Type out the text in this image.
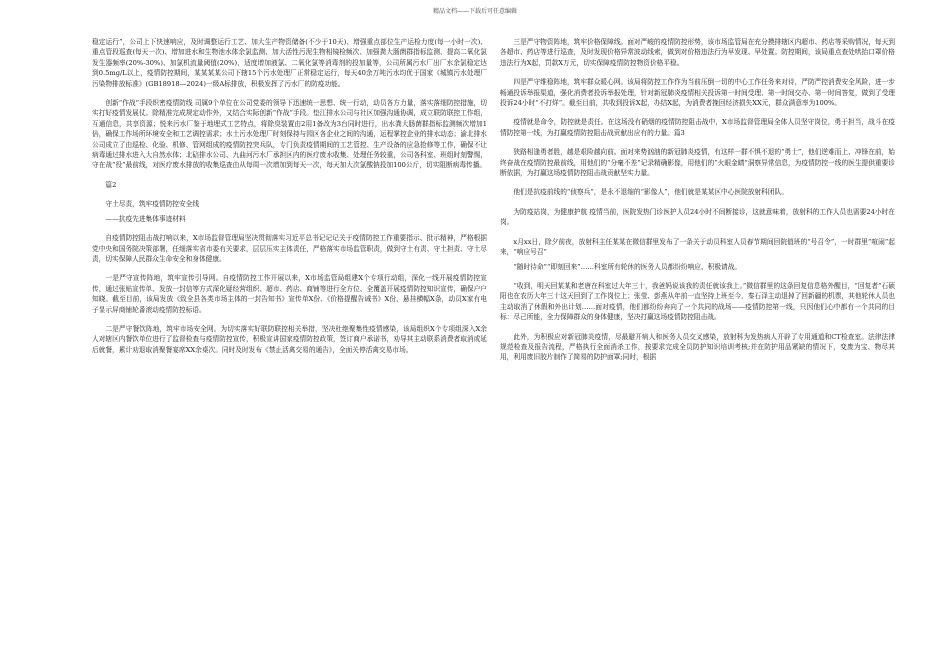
精品文档——下载后可任意编辑

稳定运行”，公司上下快速响应，及时调整运行工艺、加大生产物资储备(不少于10天)、增强重点部位生产运检力度(每一小时一次)、重点管段巡查(每天一次)、增加进水和生物池水体余氯监测、加大活性污泥生物相镜检频次、加强粪大肠菌群指标监测、提高二氧化氯发生器频率(20%-30%)、加氯机流量阈值(20%)，适度增加液氯、二氧化氯等消毒剂的投加量等，公司所属污水厂出厂水余氯稳定达到0.5mg/L以上，疫情防控期间，某某某某公司下辖15个污水处理厂正常稳定运行，每天40余万吨污水均优于国家《城镇污水处理厂污染物排放标准》(GB18918—2024)一级A标排放，积极发挥了污水厂的防疫功能。

创新“作战”手段织密疫情防线 司属9个单位在公司党委的领导下迅速统一思想、统一行动，动员各方力量，落实落细防控措施，切实打好疫情发展仗。除精准完成规定动作外，又结合实际创新“作战”手段。垫江排水公司与社区加强沟通协调，成立联防联控工作组，互通信息，共享资源；悦来污水厂鉴于地埋式工艺特点，将除臭装置由2用1备改为3台同时进行，出水粪大肠菌群指标监测频次增加1倍，确保工作场所环境安全和工艺调控需求；水土污水处理厂时刻保持与园区各企业之间的沟通，运程掌控企业的排水动态；渝北排水公司成立了由巡检、化验、机修、管网组成的疫情防控突兵队，专门负责疫情期间的工艺管控、生产设备的应急抢修等工作，确保不让病毒通过排水进入大自然水体；北碚排水公司、九曲河污水厂承担区内的医疗废水收集、处理任务较重，公司各科室、班组时刻警惕，守在战“役”最前线，对医疗废水排放的收集巡查由从每周一次增加到每天一次，每天加大次氯酸钠投加100公斤，切实阻断病毒传播。

篇2

守土尽责，筑牢疫情防控安全线

——抗疫先进集体事迹材料

自疫情防控阻击战打响以来，X市场监督管理局坚决贯彻落实习近平总书记记记关于疫情防控工作重要指示、批示精神，严格根据党中央和国务院决策部署，任细落实省市委有关要求，层层压实主体责任，严格落实市场监管职责，做到守土有责、守土担责、守土尽责，切实保障人民群众生命安全和身体健康。

一是严守宣传阵地，筑牢宣传引导网。自疫情防控工作开展以来，X市场监管局组建X个专项行动组，深化一线开展疫情防控宣传，通过张贴宣传单、发放一封信等方式深化疑经营组织、超市、药店、商铺等进行全方位、全覆盖开展疫情防控知识宣传，确保户户知晓。截至目前，该局发放《致全县各类市场主体的一封告知书》宣传单X份、《价格提醒告诫书》X份，悬挂横幅X条，动员X家有电子显示屏商铺轮番滚动疫情防控标语。

二是严守餐饮阵地，筑牢市场安全网。为切实落实好联防联控相关举措，坚决杜绝聚集性疫情感染，该局组织X个专项组深入X余人对辖区内餐饮单位进行了监督检查与疫情防控宣传，积极宣讲国家疫情防控政策，签订商户承诺书，劝导其主动联系消费者取消或延后就餐，累计劝退取消聚餐宴席XX余桌次。同时及时发布《禁止活禽交易的通告》，全面关停活禽交易市场。

三是严守物资阵地，筑牢价格保障线。面对严峻的疫情防控形势，该市场监管局在充分摸排辖区内超市、药店等采购情况，每天到各超市、药店等进行巡查，及时发现价格异常波动线索，做到对价格违法行为早发现、早处置。防控期间，该局重点查处哄抬口罩价格违法行为X起，罚款X万元，切实保障疫情防控物资价格平稳。

四是严守维稳阵地，筑牢群众暖心网。该局将防控工作作为当前压倒一切的中心工作任务来对待，严防严控消费安全风险，进一步畅通投诉举报渠道，强化消费者投诉举报处理，针对新冠肺炎疫情相关投诉第一时间受理、第一时间交办、第一时间答复，做到了受理投诉24小时“不打烊”。截至目前，共收到投诉X起，办结X起，为消费者挽回经济损失XX元，群众满意率为100%。

疫情就是命令，防控就是责任。在这场没有硝烟的疫情防控阻击战中，X市场监督管理局全体人员坚守岗位，勇于担当，战斗在疫情防控第一线，为打赢疫情防控阻击战贡献出应有的力量。篇3

狭路相逢勇者胜，越是艰险越向前。面对来势汹汹的新冠肺炎疫情，有这样一群不惧不退的“勇士”，他们逆难而上、冲锋在前，始终奋战在疫情防控最前线，用他们的“分毫不差”记录精确影像，用他们的“火眼金睛”洞察异常信息，为疫情防控一线的医生提供重要诊断依据，为打赢这场疫情防控阻击战贡献坚实力量。

他们是抗疫前线的“侦察兵”，是永不退缩的“影像人”，他们就是某某区中心医院放射科团队。

为防疫站岗，为健康护航 疫情当前，医院发热门诊医护人员24小时不间断接诊，这就意味着，放射科的工作人员也需要24小时在岗。

x月xx日，除夕前夜，放射科主任某某在微信群里发布了一条关于动员科室人员春节期间回院值班的“号召令”，一时群里“喧闹”起来，“响应号召”

“随时待命”“即刻回来”……科室所有轮休的医务人员都纷纷响应、积极请战。

“收到，明天回某某和老唐在科室过大年三十，我爸妈说该我的责任就该我上。”微信群里的这条回复信息格外醒目，“回复者”石硕阳也在农历大年三十这天回到了工作岗位上；张莹、彭燕从年前一直坚持上班至今，秦石泽主动退掉了回新疆的机票，其他轮休人员也主动取消了休假和外出计划……面对疫情，他们都纷纷奔向了一个共同的战场——疫情防控第一线，只因他们心中都有一个共同的目标：尽己所能，全力保障群众的身体健康，坚决打赢这场疫情防控阻击战。

此外，为积极应对新冠肺炎疫情，尽最避开病人和医务人员交叉感染，放射科为发热病人开辟了专用通道和CT检查室。法律法律规范检查及报告流程，严格执行全面消杀工作，按要求完成全员防护知识培训考核;并在防护用品紧缺的情况下，变废为宝、物尽其用，利用废旧胶片制作了简易的防护面罩;同时，根据
